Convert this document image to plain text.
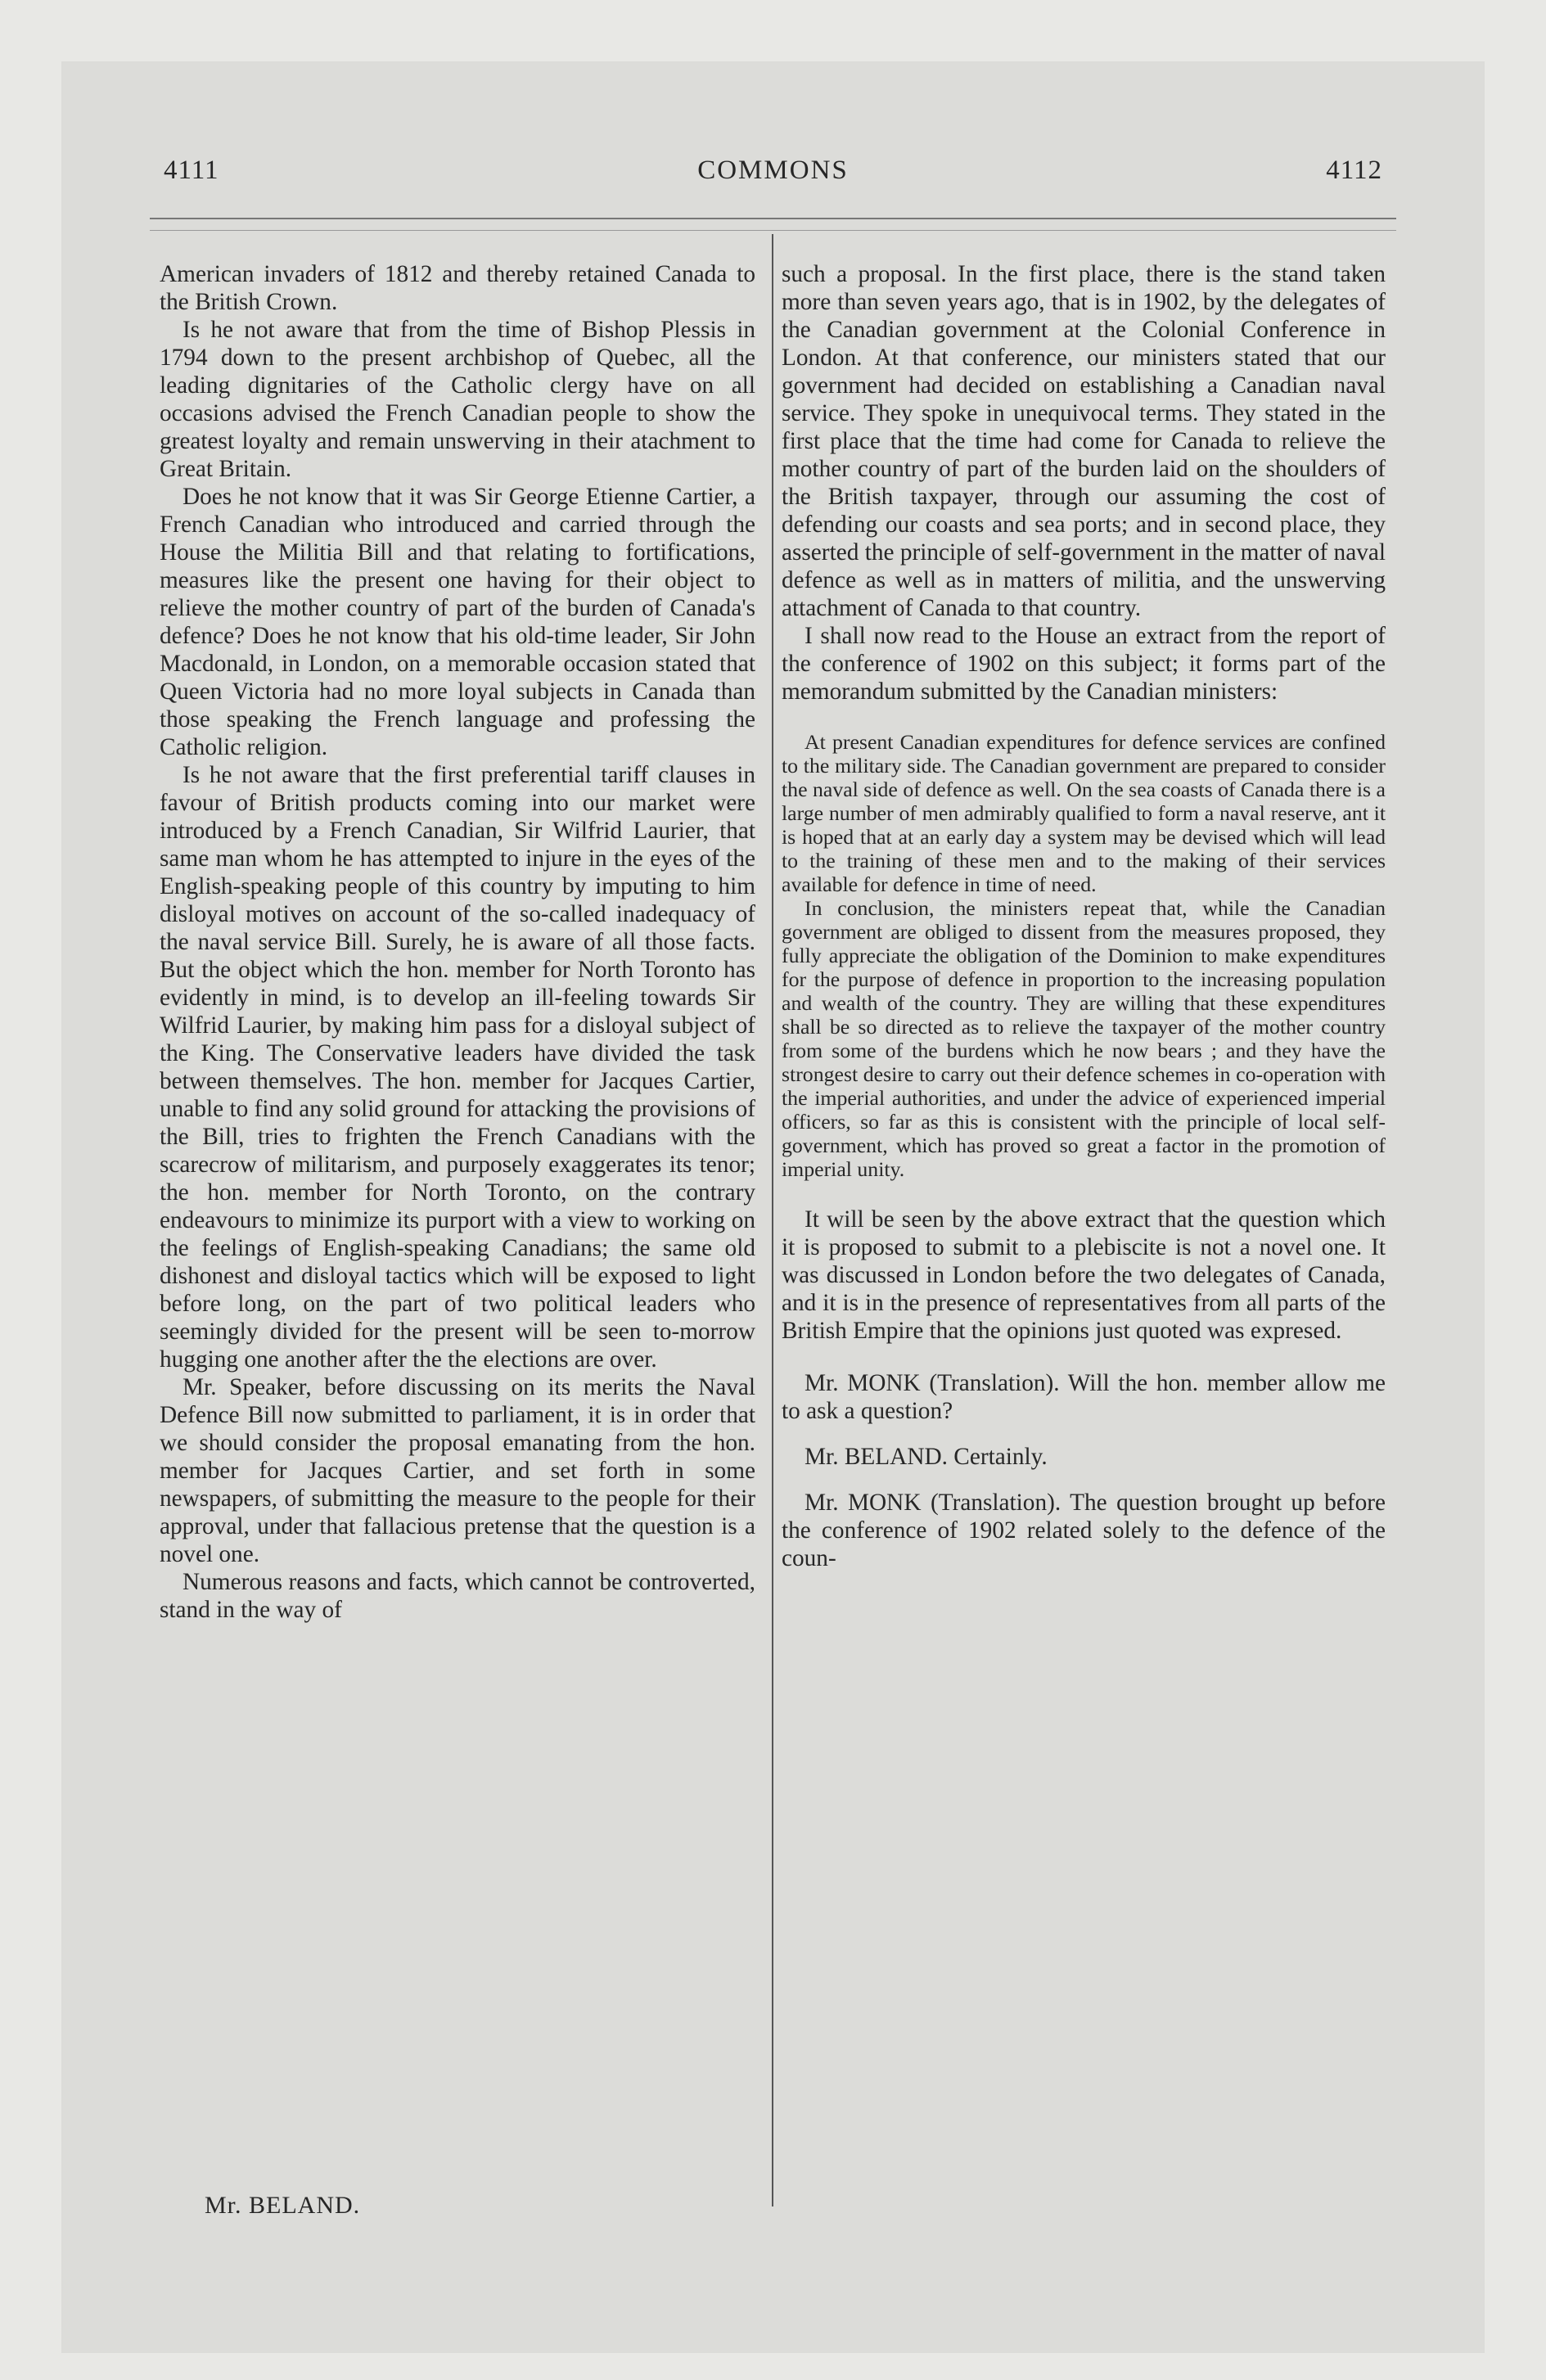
4111	COMMONS	4112

American invaders of 1812 and thereby retained Canada to the British Crown.

Is he not aware that from the time of Bishop Plessis in 1794 down to the present archbishop of Quebec, all the leading dignitaries of the Catholic clergy have on all occasions advised the French Canadian people to show the greatest loyalty and remain unswerving in their atachment to Great Britain.

Does he not know that it was Sir George Etienne Cartier, a French Canadian who introduced and carried through the House the Militia Bill and that relating to fortifications, measures like the present one having for their object to relieve the mother country of part of the burden of Canada's defence? Does he not know that his old-time leader, Sir John Macdonald, in London, on a memorable occasion stated that Queen Victoria had no more loyal subjects in Canada than those speaking the French language and professing the Catholic religion.

Is he not aware that the first preferential tariff clauses in favour of British products coming into our market were introduced by a French Canadian, Sir Wilfrid Laurier, that same man whom he has attempted to injure in the eyes of the English-speaking people of this country by imputing to him disloyal motives on account of the so-called inadequacy of the naval service Bill. Surely, he is aware of all those facts. But the object which the hon. member for North Toronto has evidently in mind, is to develop an ill-feeling towards Sir Wilfrid Laurier, by making him pass for a disloyal subject of the King. The Conservative leaders have divided the task between themselves. The hon. member for Jacques Cartier, unable to find any solid ground for attacking the provisions of the Bill, tries to frighten the French Canadians with the scarecrow of militarism, and purposely exaggerates its tenor; the hon. member for North Toronto, on the contrary endeavours to minimize its purport with a view to working on the feelings of English-speaking Canadians; the same old dishonest and disloyal tactics which will be exposed to light before long, on the part of two political leaders who seemingly divided for the present will be seen to-morrow hugging one another after the the elections are over.

Mr. Speaker, before discussing on its merits the Naval Defence Bill now submitted to parliament, it is in order that we should consider the proposal emanating from the hon. member for Jacques Cartier, and set forth in some newspapers, of submitting the measure to the people for their approval, under that fallacious pretense that the question is a novel one.

Numerous reasons and facts, which cannot be controverted, stand in the way of

Mr. BELAND.

such a proposal. In the first place, there is the stand taken more than seven years ago, that is in 1902, by the delegates of the Canadian government at the Colonial Conference in London. At that conference, our ministers stated that our government had decided on establishing a Canadian naval service. They spoke in unequivocal terms. They stated in the first place that the time had come for Canada to relieve the mother country of part of the burden laid on the shoulders of the British taxpayer, through our assuming the cost of defending our coasts and sea ports; and in second place, they asserted the principle of self-government in the matter of naval defence as well as in matters of militia, and the unswerving attachment of Canada to that country.

I shall now read to the House an extract from the report of the conference of 1902 on this subject; it forms part of the memorandum submitted by the Canadian ministers:

At present Canadian expenditures for defence services are confined to the military side. The Canadian government are prepared to consider the naval side of defence as well. On the sea coasts of Canada there is a large number of men admirably qualified to form a naval reserve, ant it is hoped that at an early day a system may be devised which will lead to the training of these men and to the making of their services available for defence in time of need.

In conclusion, the ministers repeat that, while the Canadian government are obliged to dissent from the measures proposed, they fully appreciate the obligation of the Dominion to make expenditures for the purpose of defence in proportion to the increasing population and wealth of the country. They are willing that these expenditures shall be so directed as to relieve the taxpayer of the mother country from some of the burdens which he now bears ; and they have the strongest desire to carry out their defence schemes in co-operation with the imperial authorities, and under the advice of experienced imperial officers, so far as this is consistent with the principle of local self-government, which has proved so great a factor in the promotion of imperial unity.

It will be seen by the above extract that the question which it is proposed to submit to a plebiscite is not a novel one. It was discussed in London before the two delegates of Canada, and it is in the presence of representatives from all parts of the British Empire that the opinions just quoted was expresed.

Mr. MONK (Translation). Will the hon. member allow me to ask a question?

Mr. BELAND. Certainly.

Mr. MONK (Translation). The question brought up before the conference of 1902 related solely to the defence of the coun-
